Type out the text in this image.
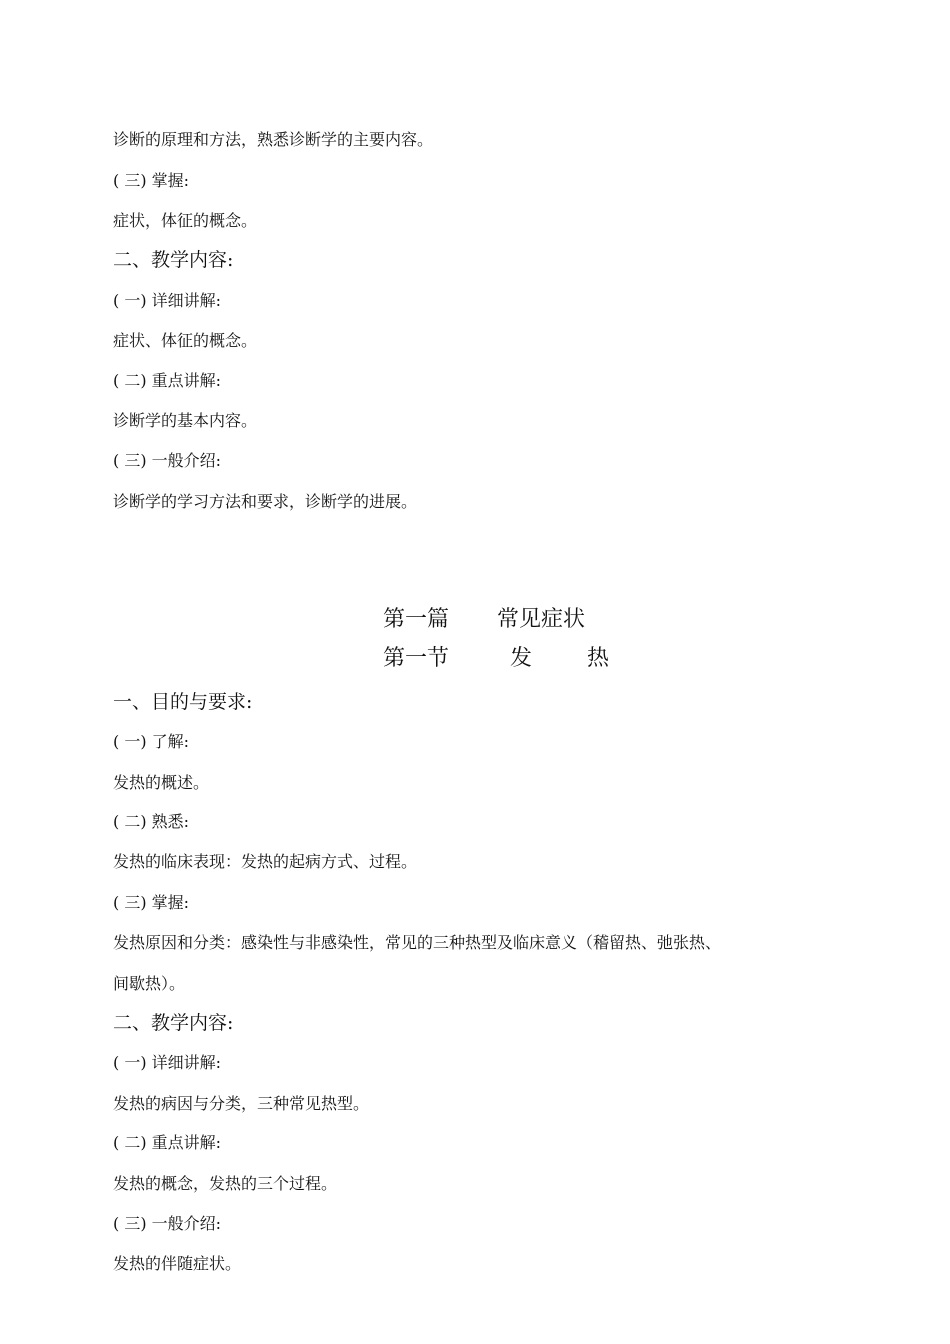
诊断的原理和方法，熟悉诊断学的主要内容。
( 三) 掌握:
症状，体征的概念。
二、教学内容:
( 一) 详细讲解:
症状、体征的概念。
( 二) 重点讲解:
诊断学的基本内容。
( 三) 一般介绍:
诊断学的学习方法和要求，诊断学的进展。
第一篇 常见症状
第一节	发 热
一、目的与要求:
( 一) 了解:
发热的概述。
( 二) 熟悉:
发热的临床表现：发热的起病方式、过程。
( 三) 掌握:
发热原因和分类：感染性与非感染性，常见的三种热型及临床意义（稽留热、弛张热、
间歇热）。
二、教学内容:
( 一) 详细讲解:
发热的病因与分类，三种常见热型。
( 二) 重点讲解:
发热的概念，发热的三个过程。
( 三) 一般介绍:
发热的伴随症状。
